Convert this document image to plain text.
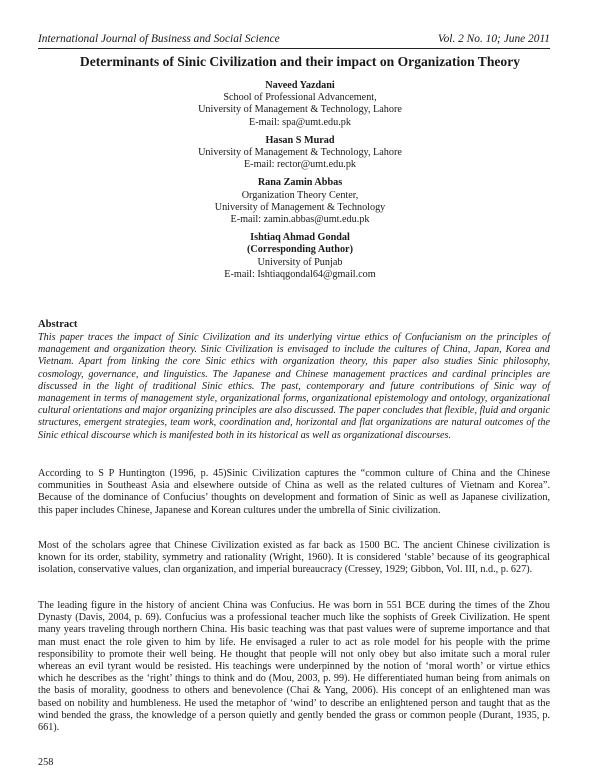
International Journal of Business and Social Science	Vol. 2 No. 10; June 2011
Determinants of Sinic Civilization and their impact on Organization Theory
Naveed Yazdani
School of Professional Advancement,
University of Management & Technology, Lahore
E-mail: spa@umt.edu.pk
Hasan S Murad
University of Management & Technology, Lahore
E-mail: rector@umt.edu.pk
Rana Zamin Abbas
Organization Theory Center,
University of Management & Technology
E-mail: zamin.abbas@umt.edu.pk
Ishtiaq Ahmad Gondal
(Corresponding Author)
University of Punjab
E-mail: Ishtiaqgondal64@gmail.com
Abstract
This paper traces the impact of Sinic Civilization and its underlying virtue ethics of Confucianism on the principles of management and organization theory. Sinic Civilization is envisaged to include the cultures of China, Japan, Korea and Vietnam. Apart from linking the core Sinic ethics with organization theory, this paper also studies Sinic philosophy, cosmology, governance, and linguistics. The Japanese and Chinese management practices and cardinal principles are discussed in the light of traditional Sinic ethics. The past, contemporary and future contributions of Sinic way of management in terms of management style, organizational forms, organizational epistemology and ontology, organizational cultural orientations and major organizing principles are also discussed. The paper concludes that flexible, fluid and organic structures, emergent strategies, team work, coordination and, horizontal and flat organizations are natural outcomes of the Sinic ethical discourse which is manifested both in its historical as well as organizational discourses.
According to S P Huntington (1996, p. 45)Sinic Civilization captures the “common culture of China and the Chinese communities in Southeast Asia and elsewhere outside of China as well as the related cultures of Vietnam and Korea”. Because of the dominance of Confucius’ thoughts on development and formation of Sinic as well as Japanese civilization, this paper includes Chinese, Japanese and Korean cultures under the umbrella of Sinic civilization.
Most of the scholars agree that Chinese Civilization existed as far back as 1500 BC. The ancient Chinese civilization is known for its order, stability, symmetry and rationality (Wright, 1960). It is considered ‘stable’ because of its geographical isolation, conservative values, clan organization, and imperial bureaucracy (Cressey, 1929; Gibbon, Vol. III, n.d., p. 627).
The leading figure in the history of ancient China was Confucius. He was born in 551 BCE during the times of the Zhou Dynasty (Davis, 2004, p. 69). Confucius was a professional teacher much like the sophists of Greek Civilization. He spent many years traveling through northern China. His basic teaching was that past values were of supreme importance and that man must enact the role given to him by life. He envisaged a ruler to act as role model for his people with the prime responsibility to promote their well being. He thought that people will not only obey but also imitate such a moral ruler whereas an evil tyrant would be resisted. His teachings were underpinned by the notion of ‘moral worth’ or virtue ethics which he describes as the ‘right’ things to think and do (Mou, 2003, p. 99). He differentiated human being from animals on the basis of morality, goodness to others and benevolence (Chai & Yang, 2006). His concept of an enlightened man was based on nobility and humbleness. He used the metaphor of ‘wind’ to describe an enlightened person and taught that as the wind bended the grass, the knowledge of a person quietly and gently bended the grass or common people (Durant, 1935, p. 661).
258
